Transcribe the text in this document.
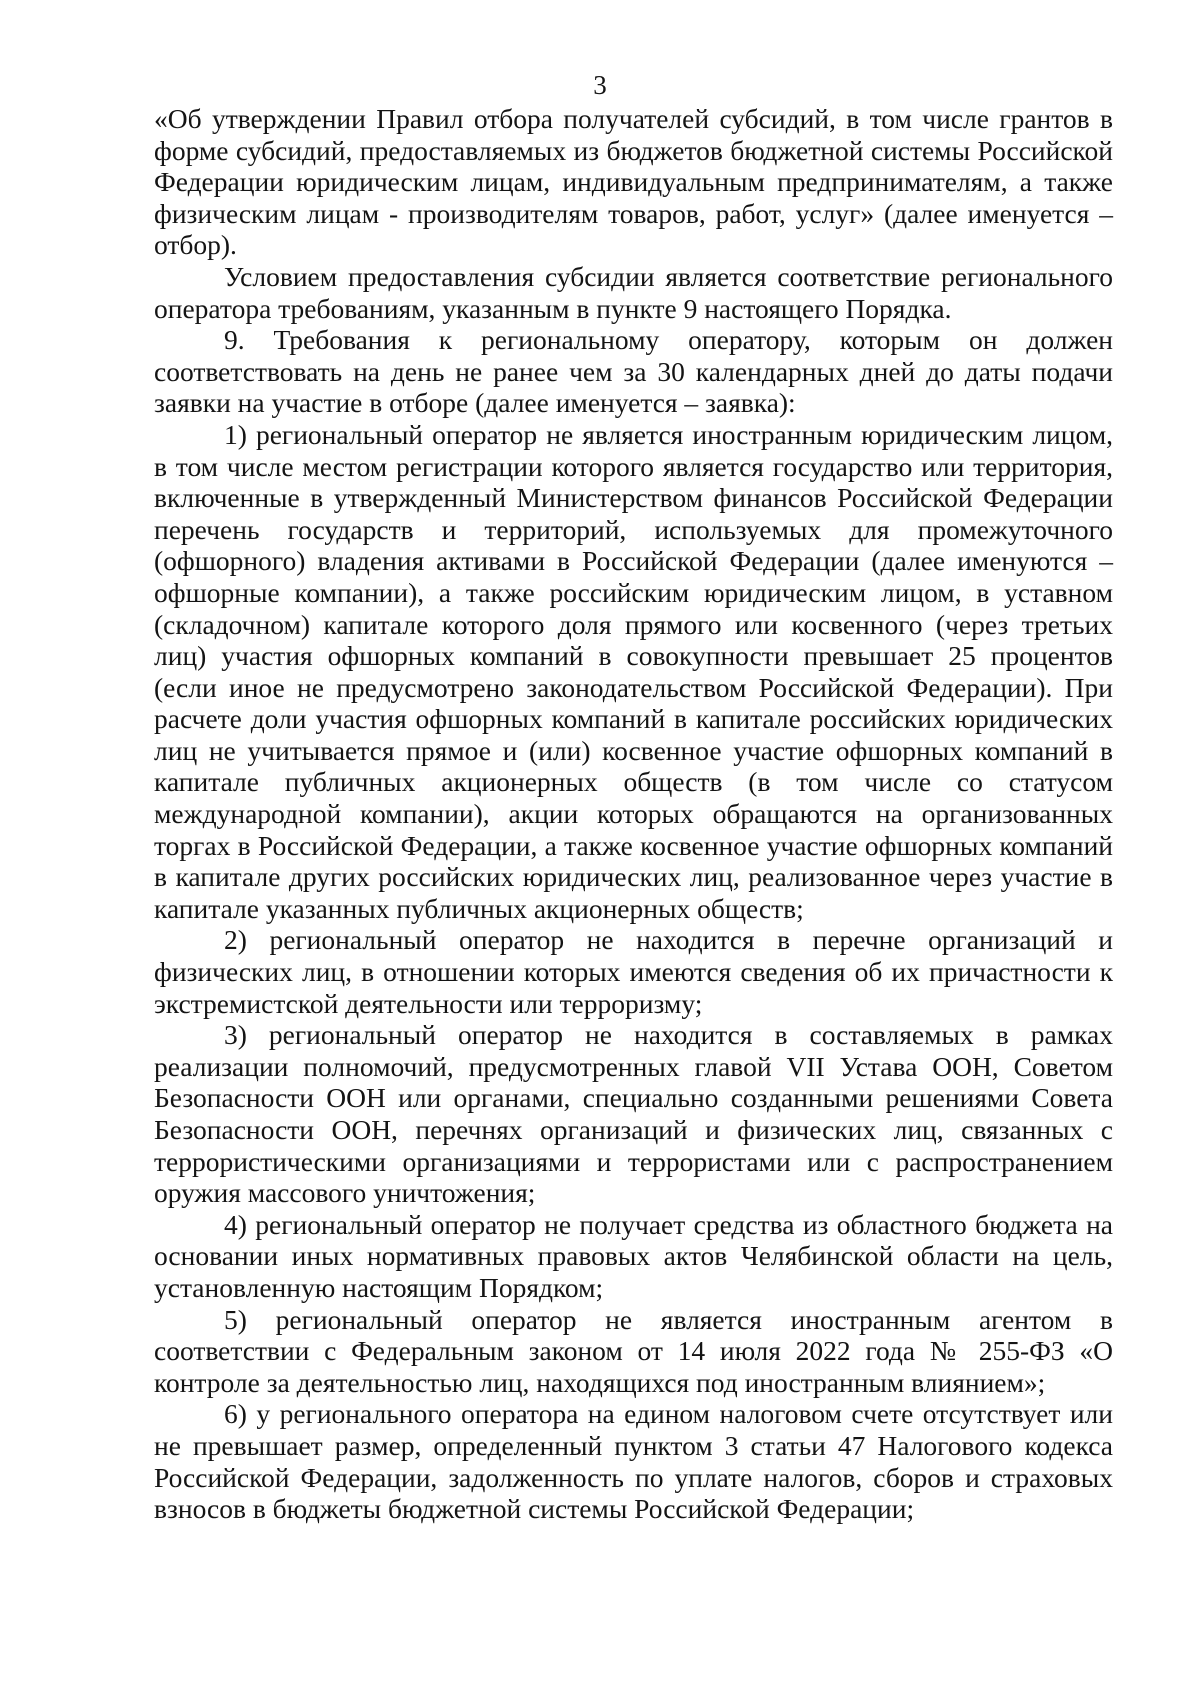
3

«Об утверждении Правил отбора получателей субсидий, в том числе грантов в форме субсидий, предоставляемых из бюджетов бюджетной системы Российской Федерации юридическим лицам, индивидуальным предпринимателям, а также физическим лицам - производителям товаров, работ, услуг» (далее именуется – отбор).

Условием предоставления субсидии является соответствие регионального оператора требованиям, указанным в пункте 9 настоящего Порядка.

9. Требования к региональному оператору, которым он должен соответствовать на день не ранее чем за 30 календарных дней до даты подачи заявки на участие в отборе (далее именуется – заявка):

1) региональный оператор не является иностранным юридическим лицом, в том числе местом регистрации которого является государство или территория, включенные в утвержденный Министерством финансов Российской Федерации перечень государств и территорий, используемых для промежуточного (офшорного) владения активами в Российской Федерации (далее именуются – офшорные компании), а также российским юридическим лицом, в уставном (складочном) капитале которого доля прямого или косвенного (через третьих лиц) участия офшорных компаний в совокупности превышает 25 процентов (если иное не предусмотрено законодательством Российской Федерации). При расчете доли участия офшорных компаний в капитале российских юридических лиц не учитывается прямое и (или) косвенное участие офшорных компаний в капитале публичных акционерных обществ (в том числе со статусом международной компании), акции которых обращаются на организованных торгах в Российской Федерации, а также косвенное участие офшорных компаний в капитале других российских юридических лиц, реализованное через участие в капитале указанных публичных акционерных обществ;

2) региональный оператор не находится в перечне организаций и физических лиц, в отношении которых имеются сведения об их причастности к экстремистской деятельности или терроризму;

3) региональный оператор не находится в составляемых в рамках реализации полномочий, предусмотренных главой VII Устава ООН, Советом Безопасности ООН или органами, специально созданными решениями Совета Безопасности ООН, перечнях организаций и физических лиц, связанных с террористическими организациями и террористами или с распространением оружия массового уничтожения;

4) региональный оператор не получает средства из областного бюджета на основании иных нормативных правовых актов Челябинской области на цель, установленную настоящим Порядком;

5) региональный оператор не является иностранным агентом в соответствии с Федеральным законом от 14 июля 2022 года № 255-ФЗ «О контроле за деятельностью лиц, находящихся под иностранным влиянием»;

6) у регионального оператора на едином налоговом счете отсутствует или не превышает размер, определенный пунктом 3 статьи 47 Налогового кодекса Российской Федерации, задолженность по уплате налогов, сборов и страховых взносов в бюджеты бюджетной системы Российской Федерации;
